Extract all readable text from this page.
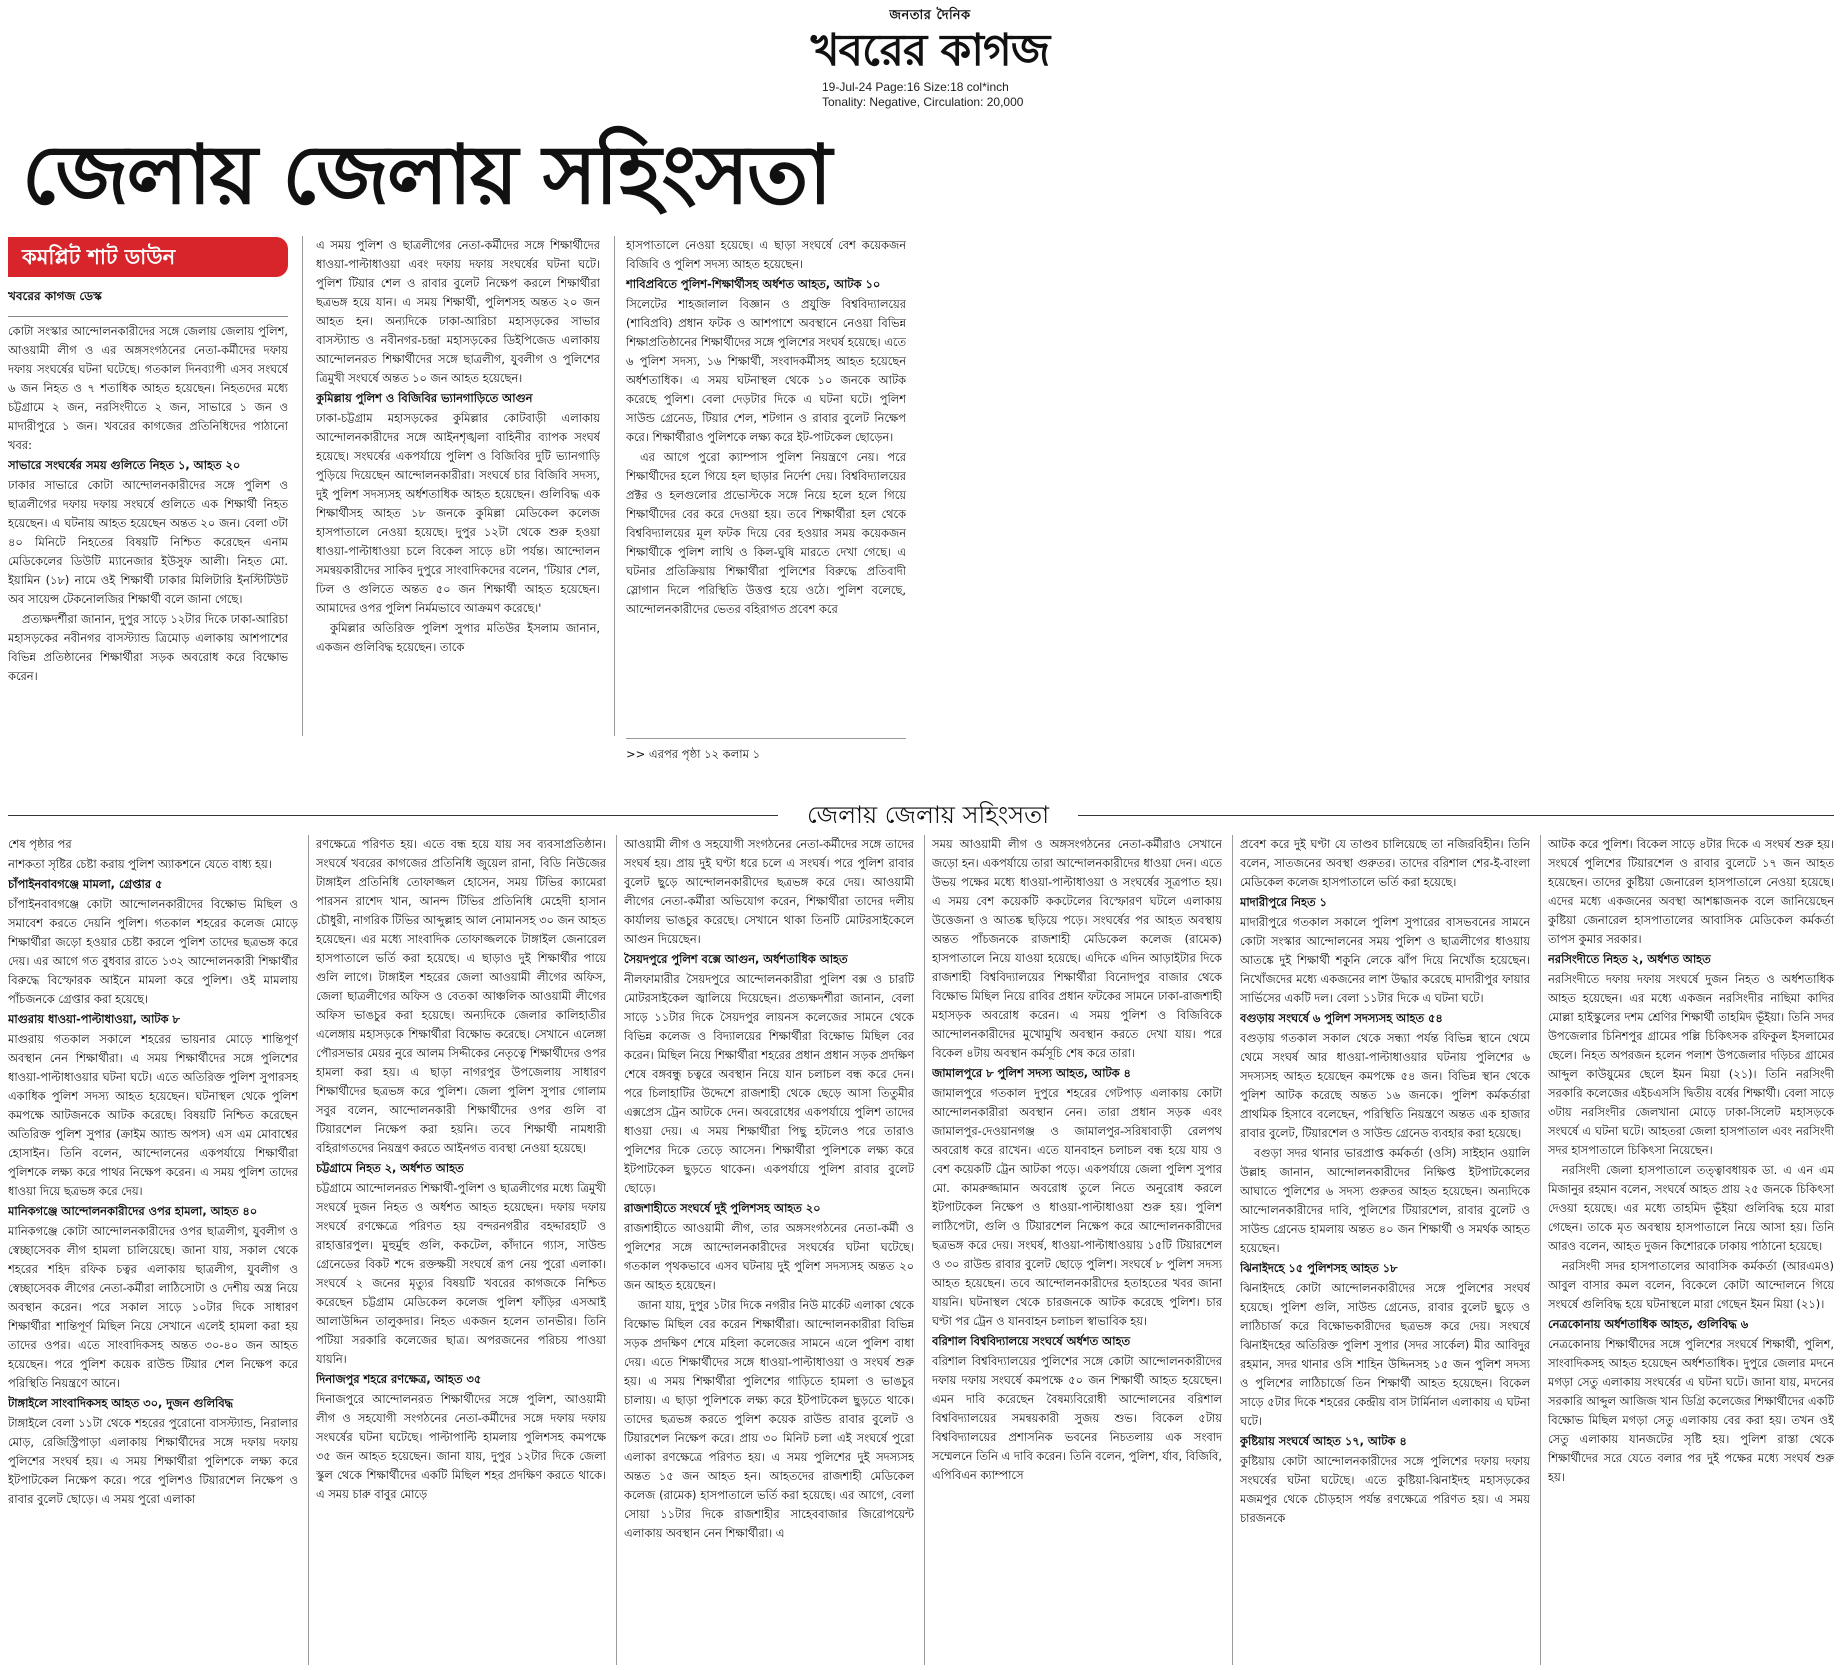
জনতার দৈনিক
খবরের কাগজ
19-Jul-24 Page:16 Size:18 col*inch
Tonality: Negative, Circulation: 20,000
জেলায় জেলায় সহিংসতা
কমপ্লিট শাট ডাউন
খবরের কাগজ ডেস্ক

কোটা সংস্কার আন্দোলনকারীদের সঙ্গে জেলায় জেলায় পুলিশ, আওয়ামী লীগ ও এর অঙ্গসংগঠনের নেতা-কর্মীদের দফায় দফায় সংঘর্ষের ঘটনা ঘটেছে। গতকাল দিনব্যাপী এসব সংঘর্ষে ৬ জন নিহত ও ৭ শতাধিক আহত হয়েছেন। নিহতদের মধ্যে চট্টগ্রামে ২ জন, নরসিংদীতে ২ জন, সাভারে ১ জন ও মাদারীপুরে ১ জন। খবরের কাগজের প্রতিনিধিদের পাঠানো খবর:

সাভারে সংঘর্ষের সময় গুলিতে নিহত ১, আহত ২০

ঢাকার সাভারে কোটা আন্দোলনকারীদের সঙ্গে পুলিশ ও ছাত্রলীগের দফায় দফায় সংঘর্ষে গুলিতে এক শিক্ষার্থী নিহত হয়েছেন। এ ঘটনায় আহত হয়েছেন অন্তত ২০ জন। বেলা ৩টা ৪০ মিনিটে নিহতের বিষয়টি নিশ্চিত করেছেন এনাম মেডিকেলের ডিউটি ম্যানেজার ইউসুফ আলী। নিহত মো. ইয়ামিন (১৮) নামে ওই শিক্ষার্থী ঢাকার মিলিটারি ইনস্টিটিউট অব সায়েন্স টেকনোলজির শিক্ষার্থী বলে জানা গেছে।

প্রত্যক্ষদর্শীরা জানান, দুপুর সাড়ে ১২টার দিকে ঢাকা-আরিচা মহাসড়কের নবীনগর বাসস্ট্যান্ড ত্রিমোড় এলাকায় আশপাশের বিভিন্ন প্রতিষ্ঠানের শিক্ষার্থীরা সড়ক অবরোধ করে বিক্ষোভ করেন।

এ সময় পুলিশ ও ছাত্রলীগের নেতা-কর্মীদের সঙ্গে শিক্ষার্থীদের ধাওয়া-পাল্টাধাওয়া এবং দফায় দফায় সংঘর্ষের ঘটনা ঘটে। পুলিশ টিয়ার শেল ও রাবার বুলেট নিক্ষেপ করলে শিক্ষার্থীরা ছত্রভঙ্গ হয়ে যান। এ সময় শিক্ষার্থী, পুলিশসহ অন্তত ২০ জন আহত হন। অন্যদিকে ঢাকা-আরিচা মহাসড়কের সাভার বাসস্ট্যান্ড ও নবীনগর-চন্দ্রা মহাসড়কের ডিইপিজেড এলাকায় আন্দোলনরত শিক্ষার্থীদের সঙ্গে ছাত্রলীগ, যুবলীগ ও পুলিশের ত্রিমুখী সংঘর্ষে অন্তত ১০ জন আহত হয়েছেন।

কুমিল্লায় পুলিশ ও বিজিবির ভ্যানগাড়িতে আগুন

ঢাকা-চট্টগ্রাম মহাসড়কের কুমিল্লার কোটবাড়ী এলাকায় আন্দোলনকারীদের সঙ্গে আইনশৃঙ্খলা বাহিনীর ব্যাপক সংঘর্ষ হয়েছে। সংঘর্ষের একপর্যায়ে পুলিশ ও বিজিবির দুটি ভ্যানগাড়ি পুড়িয়ে দিয়েছেন আন্দোলনকারীরা। সংঘর্ষে চার বিজিবি সদস্য, দুই পুলিশ সদস্যসহ অর্ধশতাধিক আহত হয়েছেন। গুলিবিদ্ধ এক শিক্ষার্থীসহ আহত ১৮ জনকে কুমিল্লা মেডিকেল কলেজ হাসপাতালে নেওয়া হয়েছে। দুপুর ১২টা থেকে শুরু হওয়া ধাওয়া-পাল্টাধাওয়া চলে বিকেল সাড়ে ৪টা পর্যন্ত। আন্দোলন সমন্বয়কারীদের সাকিব দুপুরে সাংবাদিকদের বলেন, 'টিয়ার শেল, ঢিল ও গুলিতে অন্তত ৫০ জন শিক্ষার্থী আহত হয়েছেন। আমাদের ওপর পুলিশ নির্মমভাবে আক্রমণ করেছে।'

কুমিল্লার অতিরিক্ত পুলিশ সুপার মতিউর ইসলাম জানান, একজন গুলিবিদ্ধ হয়েছেন। তাকে

হাসপাতালে নেওয়া হয়েছে। এ ছাড়া সংঘর্ষে বেশ কয়েকজন বিজিবি ও পুলিশ সদস্য আহত হয়েছেন।

শাবিপ্রবিতে পুলিশ-শিক্ষার্থীসহ অর্ধশত আহত, আটক ১০

সিলেটের শাহজালাল বিজ্ঞান ও প্রযুক্তি বিশ্ববিদ্যালয়ের (শাবিপ্রবি) প্রধান ফটক ও আশপাশে অবস্থানে নেওয়া বিভিন্ন শিক্ষাপ্রতিষ্ঠানের শিক্ষার্থীদের সঙ্গে পুলিশের সংঘর্ষ হয়েছে। এতে ৬ পুলিশ সদস্য, ১৬ শিক্ষার্থী, সংবাদকর্মীসহ আহত হয়েছেন অর্ধশতাধিক। এ সময় ঘটনাস্থল থেকে ১০ জনকে আটক করেছে পুলিশ। বেলা দেড়টার দিকে এ ঘটনা ঘটে। পুলিশ সাউন্ড গ্রেনেড, টিয়ার শেল, শটগান ও রাবার বুলেট নিক্ষেপ করে। শিক্ষার্থীরাও পুলিশকে লক্ষ্য করে ইট-পাটকেল ছোড়েন।

এর আগে পুরো ক্যাম্পাস পুলিশ নিয়ন্ত্রণে নেয়। পরে শিক্ষার্থীদের হলে গিয়ে হল ছাড়ার নির্দেশ দেয়। বিশ্ববিদ্যালয়ের প্রক্টর ও হলগুলোর প্রভোস্টকে সঙ্গে নিয়ে হলে হলে গিয়ে শিক্ষার্থীদের বের করে দেওয়া হয়। তবে শিক্ষার্থীরা হল থেকে বিশ্ববিদ্যালয়ের মূল ফটক দিয়ে বের হওয়ার সময় কয়েকজন শিক্ষার্থীকে পুলিশ লাথি ও কিল-ঘুষি মারতে দেখা গেছে। এ ঘটনার প্রতিক্রিয়ায় শিক্ষার্থীরা পুলিশের বিরুদ্ধে প্রতিবাদী স্লোগান দিলে পরিস্থিতি উত্তপ্ত হয়ে ওঠে। পুলিশ বলেছে, আন্দোলনকারীদের ভেতর বহিরাগত প্রবেশ করে

>> এরপর পৃষ্ঠা ১২ কলাম ১
জেলায় জেলায় সহিংসতা

শেষ পৃষ্ঠার পর

নাশকতা সৃষ্টির চেষ্টা করায় পুলিশ অ্যাকশনে যেতে বাধ্য হয়।

চাঁপাইনবাবগঞ্জে মামলা, গ্রেপ্তার ৫

চাঁপাইনবাবগঞ্জে কোটা আন্দোলনকারীদের বিক্ষোভ মিছিল ও সমাবেশ করতে দেয়নি পুলিশ। গতকাল শহরের কলেজ মোড়ে শিক্ষার্থীরা জড়ো হওয়ার চেষ্টা করলে পুলিশ তাদের ছত্রভঙ্গ করে দেয়। এর আগে গত বুধবার রাতে ১৩২ আন্দোলনকারী শিক্ষার্থীর বিরুদ্ধে বিস্ফোরক আইনে মামলা করে পুলিশ। ওই মামলায় পাঁচজনকে গ্রেপ্তার করা হয়েছে।

মাগুরায় ধাওয়া-পাল্টাধাওয়া, আটক ৮

মাগুরায় গতকাল সকালে শহরের ভায়নার মোড়ে শান্তিপূর্ণ অবস্থান নেন শিক্ষার্থীরা। এ সময় শিক্ষার্থীদের সঙ্গে পুলিশের ধাওয়া-পাল্টাধাওয়ার ঘটনা ঘটে। এতে অতিরিক্ত পুলিশ সুপারসহ একাধিক পুলিশ সদস্য আহত হয়েছেন। ঘটনাস্থল থেকে পুলিশ কমপক্ষে আটজনকে আটক করেছে। বিষয়টি নিশ্চিত করেছেন অতিরিক্ত পুলিশ সুপার (ক্রাইম অ্যান্ড অপস) এস এম মোবাশ্বের হোসাইন। তিনি বলেন, আন্দোলনের একপর্যায়ে শিক্ষার্থীরা পুলিশকে লক্ষ্য করে পাথর নিক্ষেপ করেন। এ সময় পুলিশ তাদের ধাওয়া দিয়ে ছত্রভঙ্গ করে দেয়।

মানিকগঞ্জে আন্দোলনকারীদের ওপর হামলা, আহত ৪০

মানিকগঞ্জে কোটা আন্দোলনকারীদের ওপর ছাত্রলীগ, যুবলীগ ও স্বেচ্ছাসেবক লীগ হামলা চালিয়েছে। জানা যায়, সকাল থেকে শহরের শহিদ রফিক চত্বর এলাকায় ছাত্রলীগ, যুবলীগ ও স্বেচ্ছাসেবক লীগের নেতা-কর্মীরা লাঠিসোটা ও দেশীয় অস্ত্র নিয়ে অবস্থান করেন। পরে সকাল সাড়ে ১০টার দিকে সাধারণ শিক্ষার্থীরা শান্তিপূর্ণ মিছিল নিয়ে সেখানে এলেই হামলা করা হয় তাদের ওপর। এতে সাংবাদিকসহ অন্তত ৩০-৪০ জন আহত হয়েছেন। পরে পুলিশ কয়েক রাউন্ড টিয়ার শেল নিক্ষেপ করে পরিস্থিতি নিয়ন্ত্রণে আনে।

টাঙ্গাইলে সাংবাদিকসহ আহত ৩০, দুজন গুলিবিদ্ধ

টাঙ্গাইলে বেলা ১১টা থেকে শহরের পুরোনো বাসস্ট্যান্ড, নিরালার মোড়, রেজিস্ট্রিপাড়া এলাকায় শিক্ষার্থীদের সঙ্গে দফায় দফায় পুলিশের সংঘর্ষ হয়। এ সময় শিক্ষার্থীরা পুলিশকে লক্ষ্য করে ইটপাটকেল নিক্ষেপ করে। পরে পুলিশও টিয়ারশেল নিক্ষেপ ও রাবার বুলেট ছোড়ে। এ সময় পুরো এলাকা

রণক্ষেত্রে পরিণত হয়। এতে বন্ধ হয়ে যায় সব ব্যবসাপ্রতিষ্ঠান। সংঘর্ষে খবরের কাগজের প্রতিনিধি জুয়েল রানা, বিডি নিউজের টাঙ্গাইল প্রতিনিধি তোফাজ্জল হোসেন, সময় টিভির ক্যামেরা পারসন রাশেদ খান, আনন্দ টিভির প্রতিনিধি মেহেদী হাসান চৌধুরী, নাগরিক টিভির আব্দুল্লাহ আল নোমানসহ ৩০ জন আহত হয়েছেন। এর মধ্যে সাংবাদিক তোফাজ্জলকে টাঙ্গাইল জেনারেল হাসপাতালে ভর্তি করা হয়েছে। এ ছাড়াও দুই শিক্ষার্থীর পায়ে গুলি লাগে। টাঙ্গাইল শহরের জেলা আওয়ামী লীগের অফিস, জেলা ছাত্রলীগের অফিস ও বেতকা আঞ্চলিক আওয়ামী লীগের অফিস ভাঙচুর করা হয়েছে। অন্যদিকে জেলার কালিহাতীর এলেঙ্গায় মহাসড়কে শিক্ষার্থীরা বিক্ষোভ করেছে। সেখানে এলেঙ্গা পৌরসভার মেয়র নুরে আলম সিদ্দীকের নেতৃত্বে শিক্ষার্থীদের ওপর হামলা করা হয়। এ ছাড়া নাগরপুর উপজেলায় সাধারণ শিক্ষার্থীদের ছত্রভঙ্গ করে পুলিশ। জেলা পুলিশ সুপার গোলাম সবুর বলেন, আন্দোলনকারী শিক্ষার্থীদের ওপর গুলি বা টিয়ারশেল নিক্ষেপ করা হয়নি। তবে শিক্ষার্থী নামধারী বহিরাগতদের নিয়ন্ত্রণ করতে আইনগত ব্যবস্থা নেওয়া হয়েছে।

চট্টগ্রামে নিহত ২, অর্ধশত আহত

চট্টগ্রামে আন্দোলনরত শিক্ষার্থী-পুলিশ ও ছাত্রলীগের মধ্যে ত্রিমুখী সংঘর্ষে দুজন নিহত ও অর্ধশত আহত হয়েছেন। দফায় দফায় সংঘর্ষে রণক্ষেত্রে পরিণত হয় বন্দরনগরীর বহদ্দারহাট ও রাহাত্তারপুল। মুহুর্মুহু গুলি, ককটেল, কাঁদানে গ্যাস, সাউন্ড গ্রেনেডের বিকট শব্দে রক্তক্ষয়ী সংঘর্ষে রূপ নেয় পুরো এলাকা। সংঘর্ষে ২ জনের মৃত্যুর বিষয়টি খবরের কাগজকে নিশ্চিত করেছেন চট্টগ্রাম মেডিকেল কলেজ পুলিশ ফাঁড়ির এসআই আলাউদ্দিন তালুকদার। নিহত একজন হলেন তানভীর। তিনি পটিয়া সরকারি কলেজের ছাত্র। অপরজনের পরিচয় পাওয়া যায়নি।

দিনাজপুর শহরে রণক্ষেত্র, আহত ৩৫

দিনাজপুরে আন্দোলনরত শিক্ষার্থীদের সঙ্গে পুলিশ, আওয়ামী লীগ ও সহযোগী সংগঠনের নেতা-কর্মীদের সঙ্গে দফায় দফায় সংঘর্ষের ঘটনা ঘটেছে। পাল্টাপাল্টি হামলায় পুলিশসহ কমপক্ষে ৩৫ জন আহত হয়েছেন। জানা যায়, দুপুর ১২টার দিকে জেলা স্কুল থেকে শিক্ষার্থীদের একটি মিছিল শহর প্রদক্ষিণ করতে থাকে। এ সময় চারু বাবুর মোড়ে

আওয়ামী লীগ ও সহযোগী সংগঠনের নেতা-কর্মীদের সঙ্গে তাদের সংঘর্ষ হয়। প্রায় দুই ঘণ্টা ধরে চলে এ সংঘর্ষ। পরে পুলিশ রাবার বুলেট ছুড়ে আন্দোলনকারীদের ছত্রভঙ্গ করে দেয়। আওয়ামী লীগের নেতা-কর্মীরা অভিযোগ করেন, শিক্ষার্থীরা তাদের দলীয় কার্যালয় ভাঙচুর করেছে। সেখানে থাকা তিনটি মোটরসাইকেলে আগুন দিয়েছেন।

সৈয়দপুরে পুলিশ বক্সে আগুন, অর্ধশতাধিক আহত

নীলফামারীর সৈয়দপুরে আন্দোলনকারীরা পুলিশ বক্স ও চারটি মোটরসাইকেল জ্বালিয়ে দিয়েছেন। প্রত্যক্ষদর্শীরা জানান, বেলা সাড়ে ১১টার দিকে সৈয়দপুর লায়নস কলেজের সামনে থেকে বিভিন্ন কলেজ ও বিদ্যালয়ের শিক্ষার্থীরা বিক্ষোভ মিছিল বের করেন। মিছিল নিয়ে শিক্ষার্থীরা শহরের প্রধান প্রধান সড়ক প্রদক্ষিণ শেষে বঙ্গবন্ধু চত্বরে অবস্থান নিয়ে যান চলাচল বন্ধ করে দেন। পরে চিলাহাটির উদ্দেশে রাজশাহী থেকে ছেড়ে আসা তিতুমীর এক্সপ্রেস ট্রেন আটকে দেন। অবরোধের একপর্যায়ে পুলিশ তাদের ধাওয়া দেয়। এ সময় শিক্ষার্থীরা পিছু হটলেও পরে তারাও পুলিশের দিকে তেড়ে আসেন। শিক্ষার্থীরা পুলিশকে লক্ষ্য করে ইটপাটকেল ছুড়তে থাকেন। একপর্যায়ে পুলিশ রাবার বুলেট ছোড়ে।

রাজশাহীতে সংঘর্ষে দুই পুলিশসহ আহত ২০

রাজশাহীতে আওয়ামী লীগ, তার অঙ্গসংগঠনের নেতা-কর্মী ও পুলিশের সঙ্গে আন্দোলনকারীদের সংঘর্ষের ঘটনা ঘটেছে। গতকাল পৃথকভাবে এসব ঘটনায় দুই পুলিশ সদস্যসহ অন্তত ২০ জন আহত হয়েছেন।

জানা যায়, দুপুর ১টার দিকে নগরীর নিউ মার্কেট এলাকা থেকে বিক্ষোভ মিছিল বের করেন শিক্ষার্থীরা। আন্দোলনকারীরা বিভিন্ন সড়ক প্রদক্ষিণ শেষে মহিলা কলেজের সামনে এলে পুলিশ বাধা দেয়। এতে শিক্ষার্থীদের সঙ্গে ধাওয়া-পাল্টাধাওয়া ও সংঘর্ষ শুরু হয়। এ সময় শিক্ষার্থীরা পুলিশের গাড়িতে হামলা ও ভাঙচুর চালায়। এ ছাড়া পুলিশকে লক্ষ্য করে ইটপাটকেল ছুড়তে থাকে। তাদের ছত্রভঙ্গ করতে পুলিশ কয়েক রাউন্ড রাবার বুলেট ও টিয়ারশেল নিক্ষেপ করে। প্রায় ৩০ মিনিট চলা এই সংঘর্ষে পুরো এলাকা রণক্ষেত্রে পরিণত হয়। এ সময় পুলিশের দুই সদস্যসহ অন্তত ১৫ জন আহত হন। আহতদের রাজশাহী মেডিকেল কলেজ (রামেক) হাসপাতালে ভর্তি করা হয়েছে। এর আগে, বেলা সোয়া ১১টার দিকে রাজশাহীর সাহেববাজার জিরোপয়েন্ট এলাকায় অবস্থান নেন শিক্ষার্থীরা। এ

সময় আওয়ামী লীগ ও অঙ্গসংগঠনের নেতা-কর্মীরাও সেখানে জড়ো হন। একপর্যায়ে তারা আন্দোলনকারীদের ধাওয়া দেন। এতে উভয় পক্ষের মধ্যে ধাওয়া-পাল্টাধাওয়া ও সংঘর্ষের সূত্রপাত হয়। এ সময় বেশ কয়েকটি ককটেলের বিস্ফোরণ ঘটলে এলাকায় উত্তেজনা ও আতঙ্ক ছড়িয়ে পড়ে। সংঘর্ষের পর আহত অবস্থায় অন্তত পাঁচজনকে রাজশাহী মেডিকেল কলেজ (রামেক) হাসপাতালে নিয়ে যাওয়া হয়েছে। এদিকে এদিন আড়াইটার দিকে রাজশাহী বিশ্ববিদ্যালয়ের শিক্ষার্থীরা বিনোদপুর বাজার থেকে বিক্ষোভ মিছিল নিয়ে রাবির প্রধান ফটকের সামনে ঢাকা-রাজশাহী মহাসড়ক অবরোধ করেন। এ সময় পুলিশ ও বিজিবিকে আন্দোলনকারীদের মুখোমুখি অবস্থান করতে দেখা যায়। পরে বিকেল ৪টায় অবস্থান কর্মসূচি শেষ করে তারা।

জামালপুরে ৮ পুলিশ সদস্য আহত, আটক ৪

জামালপুরে গতকাল দুপুরে শহরের গেটপাড় এলাকায় কোটা আন্দোলনকারীরা অবস্থান নেন। তারা প্রধান সড়ক এবং জামালপুর-দেওয়ানগঞ্জ ও জামালপুর-সরিষাবাড়ী রেলপথ অবরোধ করে রাখেন। এতে যানবাহন চলাচল বন্ধ হয়ে যায় ও বেশ কয়েকটি ট্রেন আটকা পড়ে। একপর্যায়ে জেলা পুলিশ সুপার মো. কামরুজ্জামান অবরোধ তুলে নিতে অনুরোধ করলে ইটপাটকেল নিক্ষেপ ও ধাওয়া-পাল্টাধাওয়া শুরু হয়। পুলিশ লাঠিপেটা, গুলি ও টিয়ারশেল নিক্ষেপ করে আন্দোলনকারীদের ছত্রভঙ্গ করে দেয়। সংঘর্ষ, ধাওয়া-পাল্টাধাওয়ায় ১৫টি টিয়ারশেল ও ৩০ রাউন্ড রাবার বুলেট ছোড়ে পুলিশ। সংঘর্ষে ৮ পুলিশ সদস্য আহত হয়েছেন। তবে আন্দোলনকারীদের হতাহতের খবর জানা যায়নি। ঘটনাস্থল থেকে চারজনকে আটক করেছে পুলিশ। চার ঘণ্টা পর ট্রেন ও যানবাহন চলাচল স্বাভাবিক হয়।

বরিশাল বিশ্ববিদ্যালয়ে সংঘর্ষে অর্ধশত আহত

বরিশাল বিশ্ববিদ্যালয়ের পুলিশের সঙ্গে কোটা আন্দোলনকারীদের দফায় দফায় সংঘর্ষে কমপক্ষে ৫০ জন শিক্ষার্থী আহত হয়েছেন। এমন দাবি করেছেন বৈষম্যবিরোধী আন্দোলনের বরিশাল বিশ্ববিদ্যালয়ের সমন্বয়কারী সুজয় শুভ। বিকেল ৫টায় বিশ্ববিদ্যালয়ের প্রশাসনিক ভবনের নিচতলায় এক সংবাদ সম্মেলনে তিনি এ দাবি করেন। তিনি বলেন, পুলিশ, র্যাব, বিজিবি, এপিবিএন ক্যাম্পাসে

প্রবেশ করে দুই ঘণ্টা যে তাণ্ডব চালিয়েছে তা নজিরবিহীন। তিনি বলেন, সাতজনের অবস্থা গুরুতর। তাদের বরিশাল শের-ই-বাংলা মেডিকেল কলেজ হাসপাতালে ভর্তি করা হয়েছে।

মাদারীপুরে নিহত ১

মাদারীপুরে গতকাল সকালে পুলিশ সুপারের বাসভবনের সামনে কোটা সংস্কার আন্দোলনের সময় পুলিশ ও ছাত্রলীগের ধাওয়ায় আতঙ্কে দুই শিক্ষার্থী শকুনি লেকে ঝাঁপ দিয়ে নিখোঁজ হয়েছেন। নিখোঁজদের মধ্যে একজনের লাশ উদ্ধার করেছে মাদারীপুর ফায়ার সার্ভিসের একটি দল। বেলা ১১টার দিকে এ ঘটনা ঘটে।

বগুড়ায় সংঘর্ষে ৬ পুলিশ সদস্যসহ আহত ৫৪

বগুড়ায় গতকাল সকাল থেকে সন্ধ্যা পর্যন্ত বিভিন্ন স্থানে থেমে থেমে সংঘর্ষ আর ধাওয়া-পাল্টাধাওয়ার ঘটনায় পুলিশের ৬ সদস্যসহ আহত হয়েছেন কমপক্ষে ৫৪ জন। বিভিন্ন স্থান থেকে পুলিশ আটক করেছে অন্তত ১৬ জনকে। পুলিশ কর্মকর্তারা প্রাথমিক হিসাবে বলেছেন, পরিস্থিতি নিয়ন্ত্রণে অন্তত এক হাজার রাবার বুলেট, টিয়ারশেল ও সাউন্ড গ্রেনেড ব্যবহার করা হয়েছে।

বগুড়া সদর থানার ভারপ্রাপ্ত কর্মকর্তা (ওসি) সাইহান ওয়ালি উল্লাহ জানান, আন্দোলনকারীদের নিক্ষিপ্ত ইটপাটকেলের আঘাতে পুলিশের ৬ সদস্য গুরুতর আহত হয়েছেন। অন্যদিকে আন্দোলনকারীদের দাবি, পুলিশের টিয়ারশেল, রাবার বুলেট ও সাউন্ড গ্রেনেড হামলায় অন্তত ৪০ জন শিক্ষার্থী ও সমর্থক আহত হয়েছেন।

ঝিনাইদহে ১৫ পুলিশসহ আহত ১৮

ঝিনাইদহে কোটা আন্দোলনকারীদের সঙ্গে পুলিশের সংঘর্ষ হয়েছে। পুলিশ গুলি, সাউন্ড গ্রেনেড, রাবার বুলেট ছুড়ে ও লাঠিচার্জ করে বিক্ষোভকারীদের ছত্রভঙ্গ করে দেয়। সংঘর্ষে ঝিনাইদহের অতিরিক্ত পুলিশ সুপার (সদর সার্কেল) মীর আবিদুর রহমান, সদর থানার ওসি শাহিন উদ্দিনসহ ১৫ জন পুলিশ সদস্য ও পুলিশের লাঠিচার্জে তিন শিক্ষার্থী আহত হয়েছেন। বিকেল সাড়ে ৫টার দিকে শহরের কেন্দ্রীয় বাস টার্মিনাল এলাকায় এ ঘটনা ঘটে।

কুষ্টিয়ায় সংঘর্ষে আহত ১৭, আটক ৪

কুষ্টিয়ায় কোটা আন্দোলনকারীদের সঙ্গে পুলিশের দফায় দফায় সংঘর্ষের ঘটনা ঘটেছে। এতে কুষ্টিয়া-ঝিনাইদহ মহাসড়কের মজমপুর থেকে চৌড়হাস পর্যন্ত রণক্ষেত্রে পরিণত হয়। এ সময় চারজনকে

আটক করে পুলিশ। বিকেল সাড়ে ৪টার দিকে এ সংঘর্ষ শুরু হয়। সংঘর্ষে পুলিশের টিয়ারশেল ও রাবার বুলেটে ১৭ জন আহত হয়েছেন। তাদের কুষ্টিয়া জেনারেল হাসপাতালে নেওয়া হয়েছে। এদের মধ্যে একজনের অবস্থা আশঙ্কাজনক বলে জানিয়েছেন কুষ্টিয়া জেনারেল হাসপাতালের আবাসিক মেডিকেল কর্মকর্তা তাপস কুমার সরকার।

নরসিংদীতে নিহত ২, অর্ধশত আহত

নরসিংদীতে দফায় দফায় সংঘর্ষে দুজন নিহত ও অর্ধশতাধিক আহত হয়েছেন। এর মধ্যে একজন নরসিংদীর নাছিমা কাদির মোল্লা হাইস্কুলের দশম শ্রেণির শিক্ষার্থী তাহমিদ ভূঁইয়া। তিনি সদর উপজেলার চিনিশপুর গ্রামের পল্লি চিকিৎসক রফিকুল ইসলামের ছেলে। নিহত অপরজন হলেন পলাশ উপজেলার দড়িচর গ্রামের আব্দুল কাউয়ুমের ছেলে ইমন মিয়া (২১)। তিনি নরসিংদী সরকারি কলেজের এইচএসসি দ্বিতীয় বর্ষের শিক্ষার্থী। বেলা সাড়ে ৩টায় নরসিংদীর জেলখানা মোড়ে ঢাকা-সিলেট মহাসড়কে সংঘর্ষে এ ঘটনা ঘটে। আহতরা জেলা হাসপাতাল এবং নরসিংদী সদর হাসপাতালে চিকিৎসা নিয়েছেন।

নরসিংদী জেলা হাসপাতালে তত্ত্বাবধায়ক ডা. এ এন এম মিজানুর রহমান বলেন, সংঘর্ষে আহত প্রায় ২৫ জনকে চিকিৎসা দেওয়া হয়েছে। এর মধ্যে তাহমিদ ভূঁইয়া গুলিবিদ্ধ হয়ে মারা গেছেন। তাকে মৃত অবস্থায় হাসপাতালে নিয়ে আসা হয়। তিনি আরও বলেন, আহত দুজন কিশোরকে ঢাকায় পাঠানো হয়েছে।

নরসিংদী সদর হাসপাতালের আবাসিক কর্মকর্তা (আরএমও) আবুল বাসার কমল বলেন, বিকেলে কোটা আন্দোলনে গিয়ে সংঘর্ষে গুলিবিদ্ধ হয়ে ঘটনাস্থলে মারা গেছেন ইমন মিয়া (২১)।

নেত্রকোনায় অর্ধশতাধিক আহত, গুলিবিদ্ধ ৬

নেত্রকোনায় শিক্ষার্থীদের সঙ্গে পুলিশের সংঘর্ষে শিক্ষার্থী, পুলিশ, সাংবাদিকসহ আহত হয়েছেন অর্ধশতাধিক। দুপুরে জেলার মদনে মগড়া সেতু এলাকায় সংঘর্ষের এ ঘটনা ঘটে। জানা যায়, মদনের সরকারি আব্দুল আজিজ খান ডিগ্রি কলেজের শিক্ষার্থীদের একটি বিক্ষোভ মিছিল মগড়া সেতু এলাকায় বের করা হয়। তখন ওই সেতু এলাকায় যানজটের সৃষ্টি হয়। পুলিশ রাস্তা থেকে শিক্ষার্থীদের সরে যেতে বলার পর দুই পক্ষের মধ্যে সংঘর্ষ শুরু হয়।
